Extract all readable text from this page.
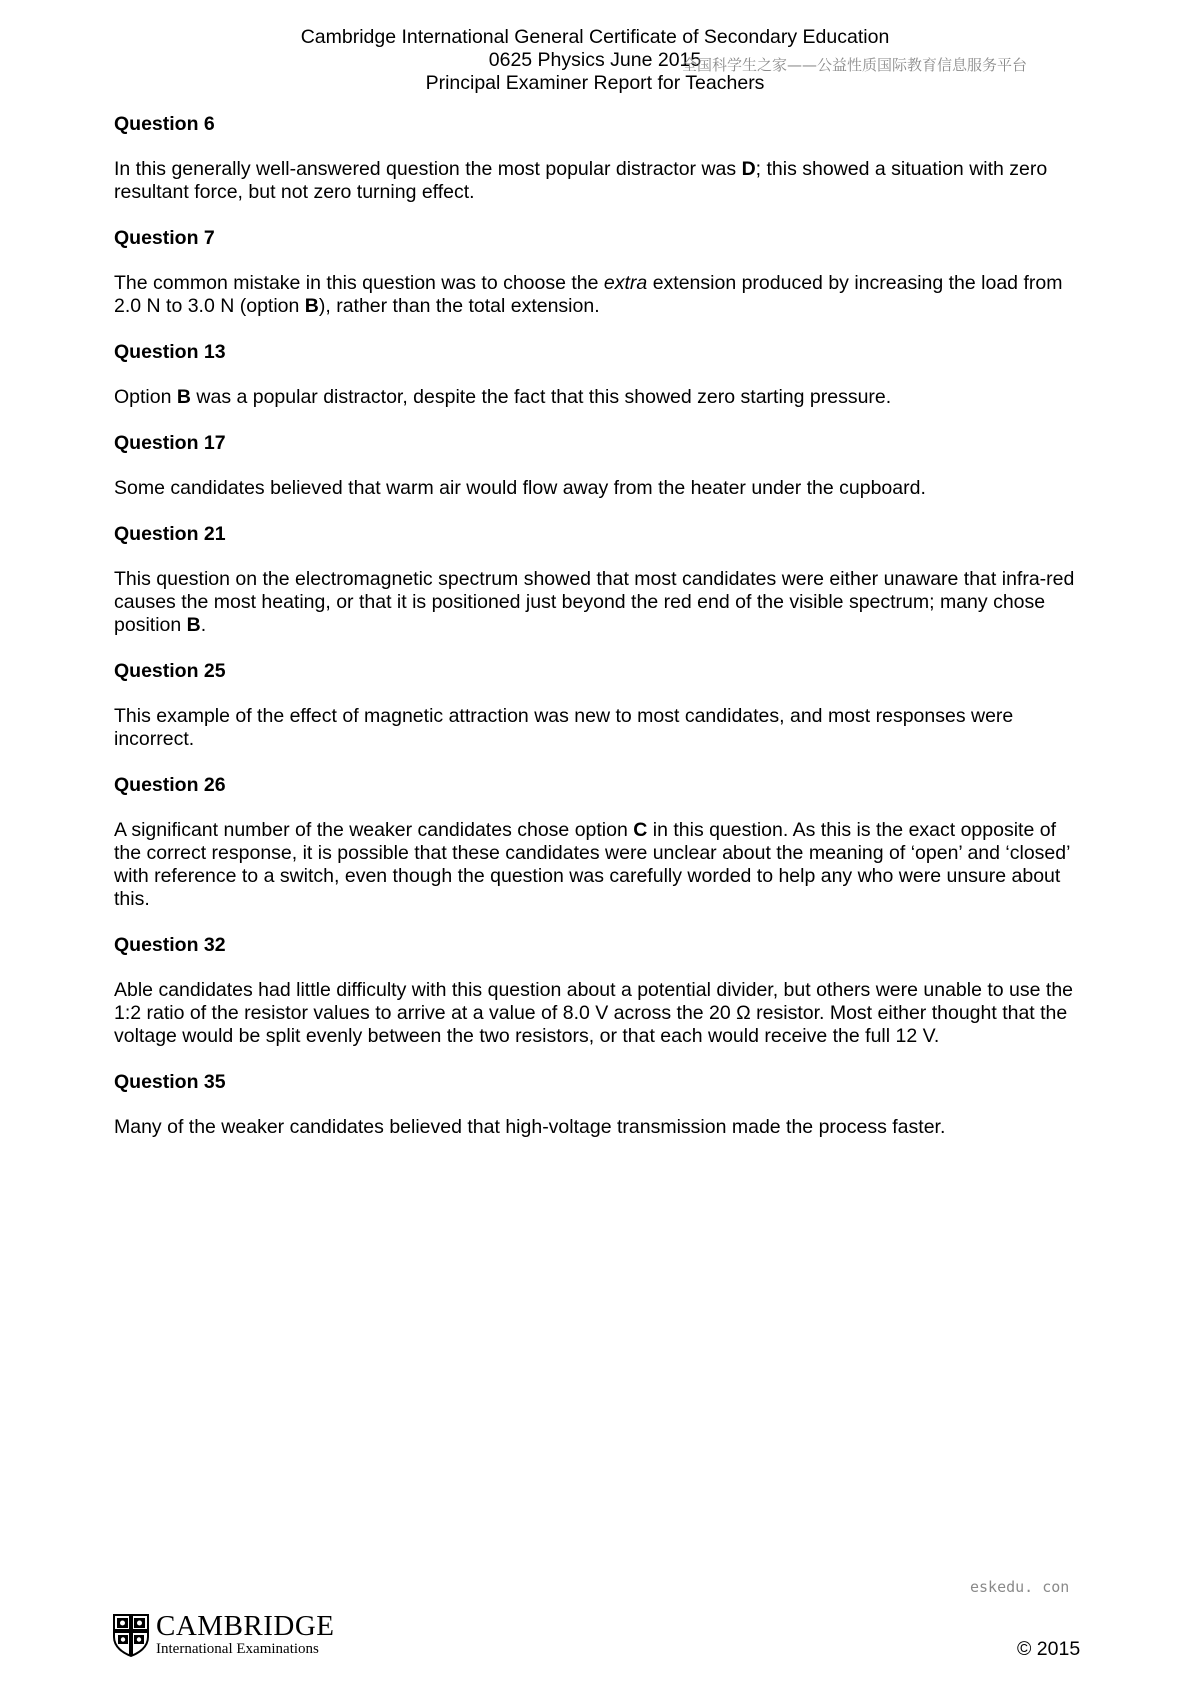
Cambridge International General Certificate of Secondary Education
0625 Physics June 2015
Principal Examiner Report for Teachers
全国科学生之家——公益性质国际教育信息服务平台
Question 6
In this generally well-answered question the most popular distractor was D; this showed a situation with zero resultant force, but not zero turning effect.
Question 7
The common mistake in this question was to choose the extra extension produced by increasing the load from 2.0 N to 3.0 N (option B), rather than the total extension.
Question 13
Option B was a popular distractor, despite the fact that this showed zero starting pressure.
Question 17
Some candidates believed that warm air would flow away from the heater under the cupboard.
Question 21
This question on the electromagnetic spectrum showed that most candidates were either unaware that infra-red causes the most heating, or that it is positioned just beyond the red end of the visible spectrum; many chose position B.
Question 25
This example of the effect of magnetic attraction was new to most candidates, and most responses were incorrect.
Question 26
A significant number of the weaker candidates chose option C in this question. As this is the exact opposite of the correct response, it is possible that these candidates were unclear about the meaning of ‘open’ and ‘closed’ with reference to a switch, even though the question was carefully worded to help any who were unsure about this.
Question 32
Able candidates had little difficulty with this question about a potential divider, but others were unable to use the 1:2 ratio of the resistor values to arrive at a value of 8.0 V across the 20 Ω resistor. Most either thought that the voltage would be split evenly between the two resistors, or that each would receive the full 12 V.
Question 35
Many of the weaker candidates believed that high-voltage transmission made the process faster.
eskedu. con
CAMBRIDGE
International Examinations	© 2015
